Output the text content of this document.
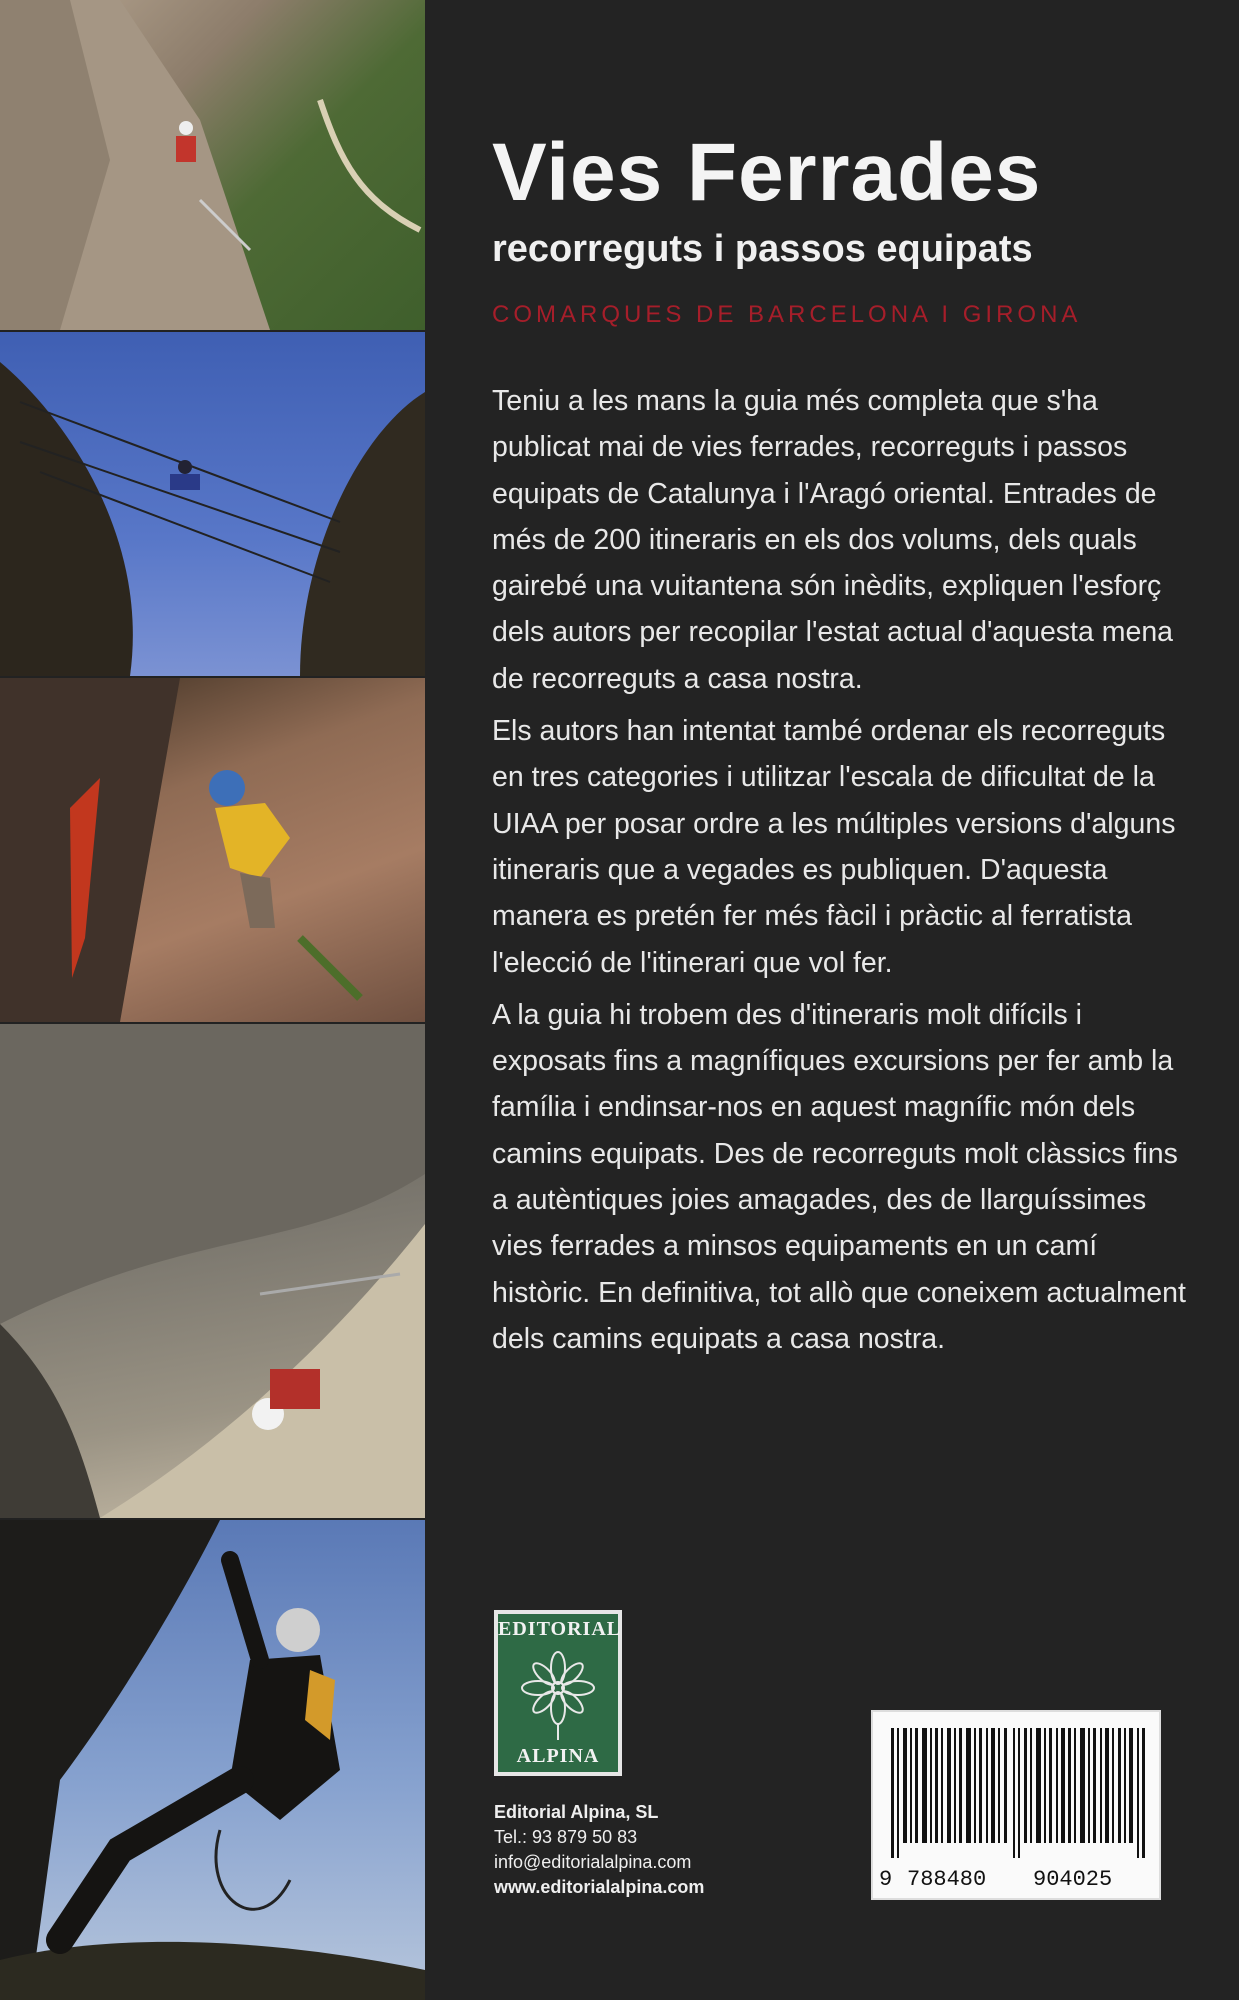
Vies Ferrades
recorreguts i passos equipats
COMARQUES DE BARCELONA I GIRONA

Teniu a les mans la guia més completa que s'ha publicat mai de vies ferrades, recorreguts i passos equipats de Catalunya i l'Aragó oriental. Entrades de més de 200 itineraris en els dos volums, dels quals gairebé una vuitantena són inèdits, expliquen l'esforç dels autors per recopilar l'estat actual d'aquesta mena de recorreguts a casa nostra.

Els autors han intentat també ordenar els recorreguts en tres categories i utilitzar l'escala de dificultat de la UIAA per posar ordre a les múltiples versions d'alguns itineraris que a vegades es publiquen. D'aquesta manera es pretén fer més fàcil i pràctic al ferratista l'elecció de l'itinerari que vol fer.

A la guia hi trobem des d'itineraris molt difícils i exposats fins a magnífiques excursions per fer amb la família i endinsar-nos en aquest magnífic món dels camins equipats. Des de recorreguts molt clàssics fins a autèntiques joies amagades, des de llarguíssimes vies ferrades a minsos equipaments en un camí històric. En definitiva, tot allò que coneixem actualment dels camins equipats a casa nostra.

EDITORIAL
ALPINA
Editorial Alpina, SL
Tel.: 93 879 50 83
info@editorialalpina.com
www.editorialalpina.com	9 788480 904025
